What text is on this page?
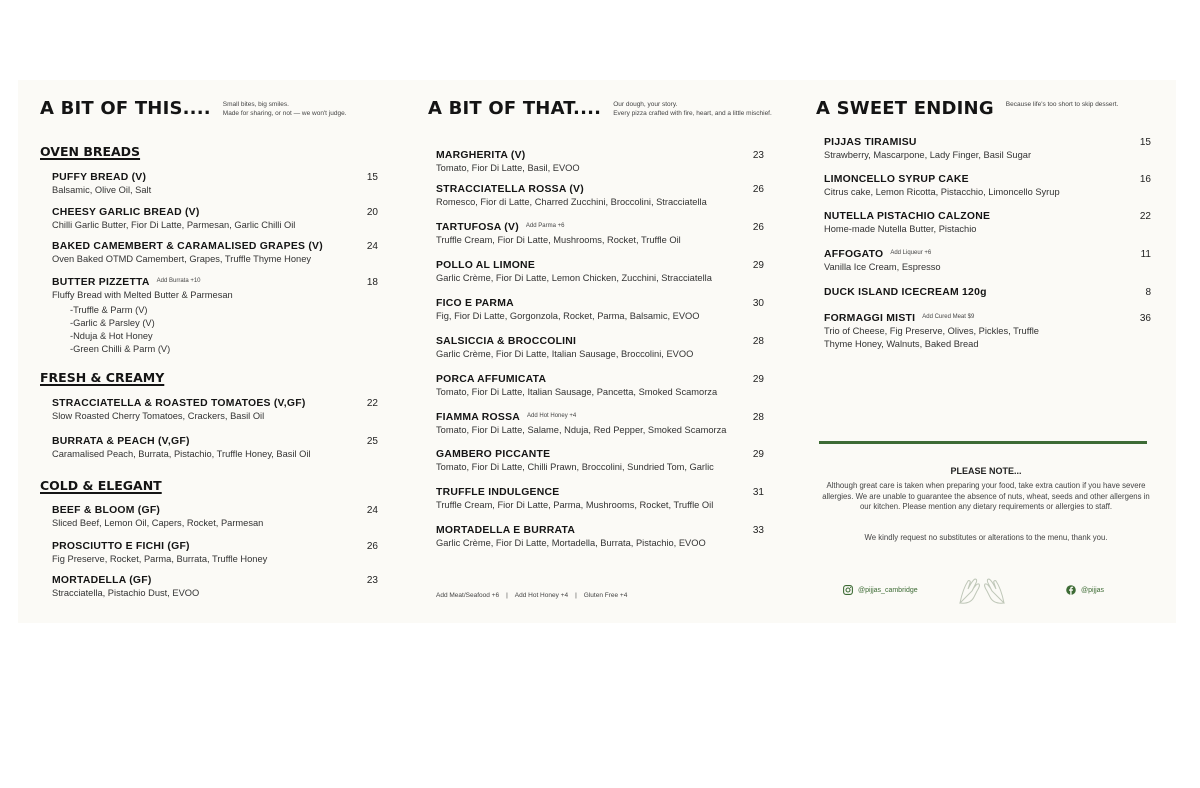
A BIT OF THIS.... Small bites, big smiles.
Made for sharing, or not — we won't judge.
OVEN BREADS
PUFFY BREAD (V)	15
Balsamic, Olive Oil, Salt
CHEESY GARLIC BREAD (V)	20
Chilli Garlic Butter, Fior Di Latte, Parmesan, Garlic Chilli Oil
BAKED CAMEMBERT & CARAMALISED GRAPES (V)	24
Oven Baked OTMD Camembert, Grapes, Truffle Thyme Honey
BUTTER PIZZETTA Add Burrata +10	18
Fluffy Bread with Melted Butter & Parmesan
-Truffle & Parm (V)
-Garlic & Parsley (V)
-Nduja & Hot Honey
-Green Chilli & Parm (V)
FRESH & CREAMY
STRACCIATELLA & ROASTED TOMATOES (V,GF)	22
Slow Roasted Cherry Tomatoes, Crackers, Basil Oil
BURRATA & PEACH (V,GF)	25
Caramalised Peach, Burrata, Pistachio, Truffle Honey, Basil Oil
COLD & ELEGANT
BEEF & BLOOM (GF)	24
Sliced Beef, Lemon Oil, Capers, Rocket, Parmesan
PROSCIUTTO E FICHI (GF)	26
Fig Preserve, Rocket, Parma, Burrata, Truffle Honey
MORTADELLA (GF)	23
Stracciatella, Pistachio Dust, EVOO
A BIT OF THAT.... Our dough, your story.
Every pizza crafted with fire, heart, and a little mischief.
MARGHERITA (V)	23
Tomato, Fior Di Latte, Basil, EVOO
STRACCIATELLA ROSSA (V)	26
Romesco, Fior di Latte, Charred Zucchini, Broccolini, Stracciatella
TARTUFOSA (V) Add Parma +6	26
Truffle Cream, Fior Di Latte, Mushrooms, Rocket, Truffle Oil
POLLO AL LIMONE	29
Garlic Crème, Fior Di Latte, Lemon Chicken, Zucchini, Stracciatella
FICO E PARMA	30
Fig, Fior Di Latte, Gorgonzola, Rocket, Parma, Balsamic, EVOO
SALSICCIA & BROCCOLINI	28
Garlic Crème, Fior Di Latte, Italian Sausage, Broccolini, EVOO
PORCA AFFUMICATA	29
Tomato, Fior Di Latte, Italian Sausage, Pancetta, Smoked Scamorza
FIAMMA ROSSA Add Hot Honey +4	28
Tomato, Fior Di Latte, Salame, Nduja, Red Pepper, Smoked Scamorza
GAMBERO PICCANTE	29
Tomato, Fior Di Latte, Chilli Prawn, Broccolini, Sundried Tom, Garlic
TRUFFLE INDULGENCE	31
Truffle Cream, Fior Di Latte, Parma, Mushrooms, Rocket, Truffle Oil
MORTADELLA E BURRATA	33
Garlic Crème, Fior Di Latte, Mortadella, Burrata, Pistachio, EVOO
Add Meat/Seafood +6 | Add Hot Honey +4 | Gluten Free +4
A SWEET ENDING Because life's too short to skip dessert.
PIJJAS TIRAMISU	15
Strawberry, Mascarpone, Lady Finger, Basil Sugar
LIMONCELLO SYRUP CAKE	16
Citrus cake, Lemon Ricotta, Pistacchio, Limoncello Syrup
NUTELLA PISTACHIO CALZONE	22
Home-made Nutella Butter, Pistachio
AFFOGATO Add Liqueur +6	11
Vanilla Ice Cream, Espresso
DUCK ISLAND ICECREAM 120g	8
FORMAGGI MISTI Add Cured Meat $9	36
Trio of Cheese, Fig Preserve, Olives, Pickles, Truffle Thyme Honey, Walnuts, Baked Bread
PLEASE NOTE...
Although great care is taken when preparing your food, take extra caution if you have severe allergies. We are unable to guarantee the absence of nuts, wheat, seeds and other allergens in our kitchen. Please mention any dietary requirements or allergies to staff.
We kindly request no substitutes or alterations to the menu, thank you.
@pijjas_cambridge	@pijjas
